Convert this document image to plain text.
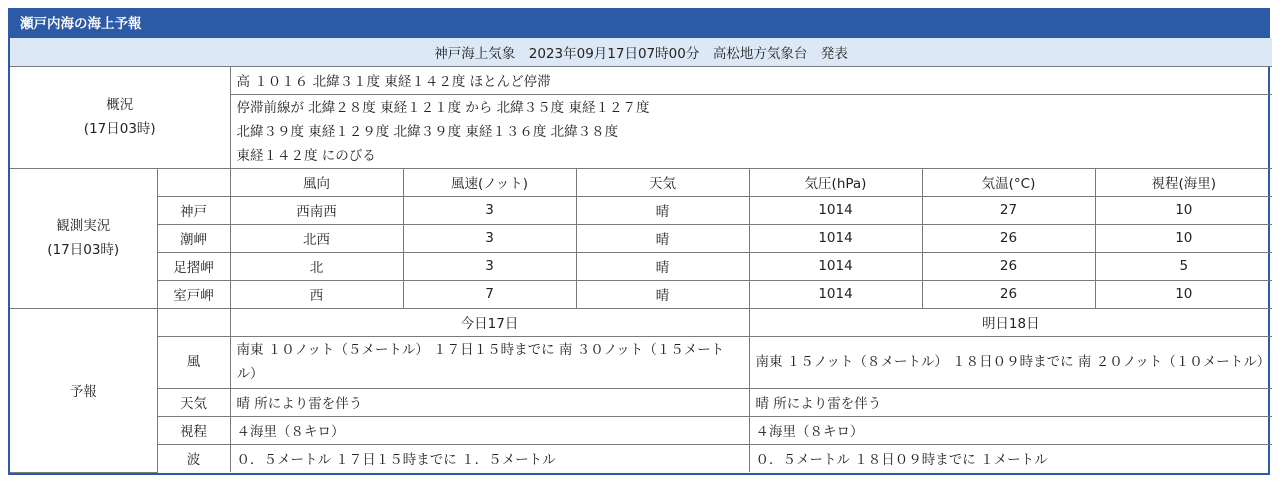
瀬戸内海の海上予報
神戸海上気象　2023年09月17日07時00分　高松地方気象台　発表							

概況
(17日03時)		高 １０１６ 北緯３１度 東経１４２度 ほとんど停滞					

		停滞前線が 北緯２８度 東経１２１度 から 北緯３５度 東経１２７度
北緯３９度 東経１２９度 北緯３９度 東経１３６度 北緯３８度
東経１４２度 にのびる					

観測実況
(17日03時)		風向	風速(ノット)	天気	気圧(hPa)	気温(°C)	視程(海里)
	神戸	西南西	3	晴	1014	27	10
	潮岬	北西	3	晴	1014	26	10
	足摺岬	北	3	晴	1014	26	5
	室戸岬	西	7	晴	1014	26	10
予報		今日17日			明日18日		
	風	南東 １０ノット（５メートル） １７日１５時までに 南 ３０ノット（１５メートル）			南東 １５ノット（８メートル） １８日０９時までに 南 ２０ノット（１０メートル）		
	天気	晴 所により雷を伴う			晴 所により雷を伴う		
	視程	４海里（８キロ）			４海里（８キロ）		
	波	０．５メートル １７日１５時までに １．５メートル			０．５メートル １８日０９時までに １メートル		
